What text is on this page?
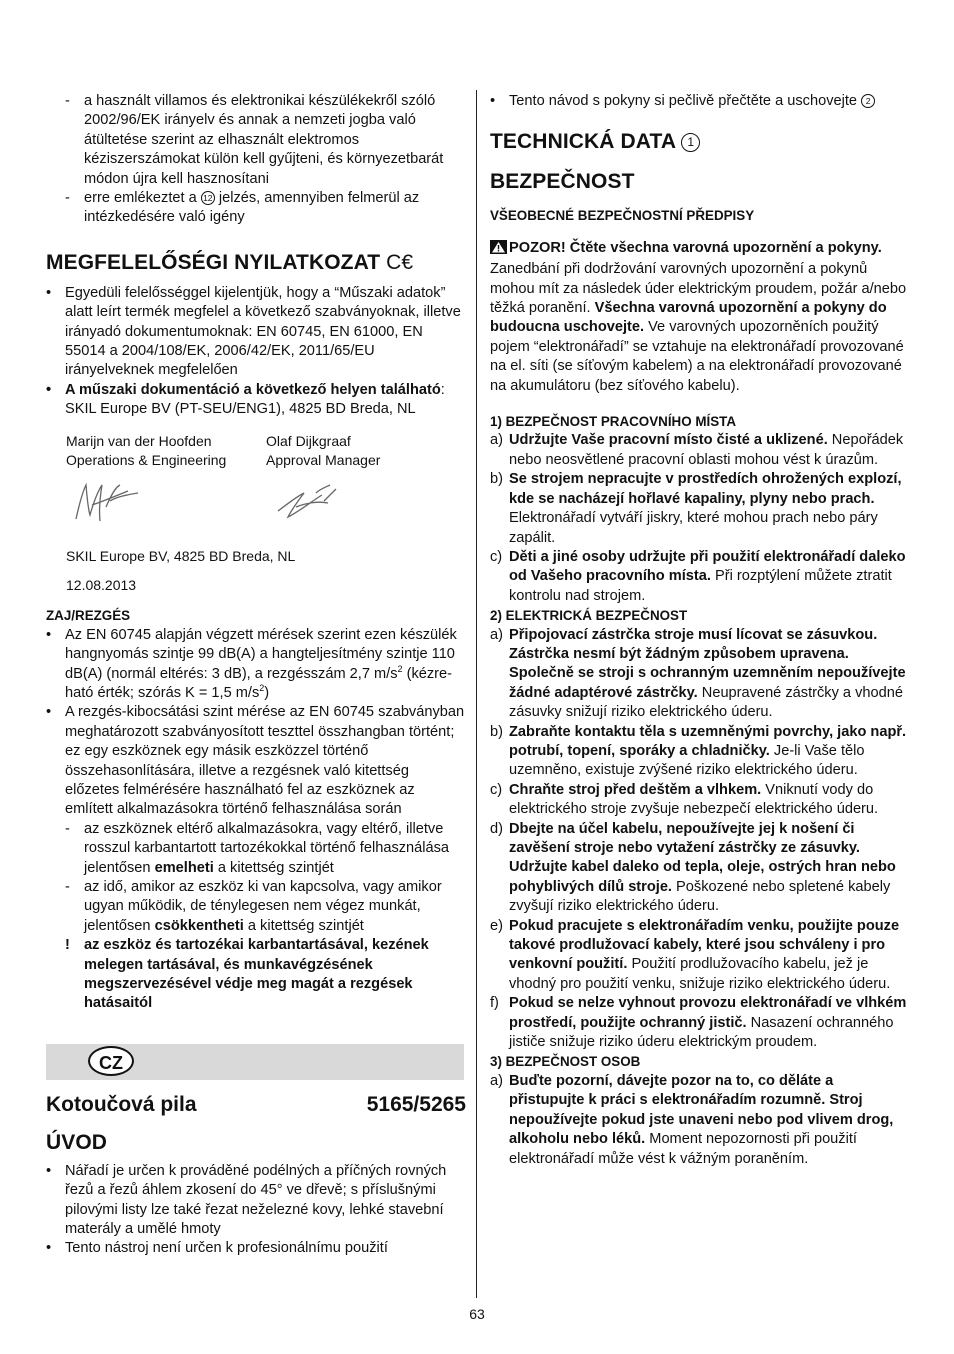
- a használt villamos és elektronikai készülékekről szóló 2002/96/EK irányelv és annak a nemzeti jogba való átültetése szerint az elhasznált elektromos kéziszerszámokat külön kell gyűjteni, és környezetbarát módon újra kell hasznosítani
- erre emlékeztet a 12 jelzés, amennyiben felmerül az intézkedésére való igény
MEGFELELŐSÉGI NYILATKOZAT C€
• Egyedüli felelősséggel kijelentjük, hogy a “Műszaki adatok” alatt leírt termék megfelel a következő szabványoknak, illetve irányadó dokumentumoknak: EN 60745, EN 61000, EN 55014 a 2004/108/EK, 2006/42/EK, 2011/65/EU irányelveknek megfelelően
• A műszaki dokumentáció a következő helyen található: SKIL Europe BV (PT-SEU/ENG1), 4825 BD Breda, NL
Marijn van der Hoofden
Operations & Engineering
Olaf Dijkgraaf
Approval Manager
SKIL Europe BV, 4825 BD Breda, NL
12.08.2013
ZAJ/REZGÉS
• Az EN 60745 alapján végzett mérések szerint ezen készülék hangnyomás szintje 99 dB(A) a hangteljesítmény szintje 110 dB(A) (normál eltérés: 3 dB), a rezgésszám 2,7 $m/s^2$ (kézre-ható érték; szórás K = 1,5 $m/s^2$)
• A rezgés-kibocsátási szint mérése az EN 60745 szabványban meghatározott szabványosított teszttel összhangban történt; ez egy eszköznek egy másik eszközzel történő összehasonlítására, illetve a rezgésnek való kitettség előzetes felmérésére használható fel az eszköznek az említett alkalmazásokra történő felhasználása során
- az eszköznek eltérő alkalmazásokra, vagy eltérő, illetve rosszul karbantartott tartozékokkal történő felhasználása jelentősen emelheti a kitettség szintjét
- az idő, amikor az eszköz ki van kapcsolva, vagy amikor ugyan működik, de ténylegesen nem végez munkát, jelentősen csökkentheti a kitettség szintjét
! az eszköz és tartozékai karbantartásával, kezének melegen tartásával, és munkavégzésének megszervezésével védje meg magát a rezgések hatásaitól
CZ
Kotoučová pila	5165/5265
ÚVOD
• Nářadí je určen k prováděné podélných a příčných rovných řezů a řezů áhlem zkosení do 45° ve dřevě; s příslušnými pilovými listy lze také řezat neželezné kovy, lehké stavební materály a umělé hmoty
• Tento nástroj není určen k profesionálnímu použití
• Tento návod s pokyny si pečlivě přečtěte a uschovejte 2
TECHNICKÁ DATA 1
BEZPEČNOST
VŠEOBECNÉ BEZPEČNOSTNÍ PŘEDPISY
POZOR! Čtěte všechna varovná upozornění a pokyny. Zanedbání při dodržování varovných upozornění a pokynů mohou mít za následek úder elektrickým proudem, požár a/nebo těžká poranění. Všechna varovná upozornění a pokyny do budoucna uschovejte. Ve varovných upozorněních použitý pojem “elektronářadí” se vztahuje na elektronářadí provozované na el. síti (se síťovým kabelem) a na elektronářadí provozované na akumulátoru (bez síťového kabelu).
1) BEZPEČNOST PRACOVNÍHO MÍSTA
a) Udržujte Vaše pracovní místo čisté a uklizené. Nepořádek nebo neosvětlené pracovní oblasti mohou vést k úrazům.
b) Se strojem nepracujte v prostředích ohrožených explozí, kde se nacházejí hořlavé kapaliny, plyny nebo prach. Elektronářadí vytváří jiskry, které mohou prach nebo páry zapálit.
c) Děti a jiné osoby udržujte při použití elektronářadí daleko od Vašeho pracovního místa. Při rozptýlení můžete ztratit kontrolu nad strojem.
2) ELEKTRICKÁ BEZPEČNOST
a) Připojovací zástrčka stroje musí lícovat se zásuvkou. Zástrčka nesmí být žádným způsobem upravena. Společně se stroji s ochranným uzemněním nepoužívejte žádné adaptérové zástrčky. Neupravené zástrčky a vhodné zásuvky snižují riziko elektrického úderu.
b) Zabraňte kontaktu těla s uzemněnými povrchy, jako např. potrubí, topení, sporáky a chladničky. Je-li Vaše tělo uzemněno, existuje zvýšené riziko elektrického úderu.
c) Chraňte stroj před deštěm a vlhkem. Vniknutí vody do elektrického stroje zvyšuje nebezpečí elektrického úderu.
d) Dbejte na účel kabelu, nepoužívejte jej k nošení či zavěšení stroje nebo vytažení zástrčky ze zásuvky. Udržujte kabel daleko od tepla, oleje, ostrých hran nebo pohyblivých dílů stroje. Poškozené nebo spletené kabely zvyšují riziko elektrického úderu.
e) Pokud pracujete s elektronářadím venku, použijte pouze takové prodlužovací kabely, které jsou schváleny i pro venkovní použití. Použití prodlužovacího kabelu, jež je vhodný pro použití venku, snižuje riziko elektrického úderu.
f) Pokud se nelze vyhnout provozu elektronářadí ve vlhkém prostředí, použijte ochranný jistič. Nasazení ochranného jističe snižuje riziko úderu elektrickým proudem.
3) BEZPEČNOST OSOB
a) Buďte pozorní, dávejte pozor na to, co děláte a přistupujte k práci s elektronářadím rozumně. Stroj nepoužívejte pokud jste unaveni nebo pod vlivem drog, alkoholu nebo léků. Moment nepozornosti při použití elektronářadí může vést k vážným poraněním.
63
